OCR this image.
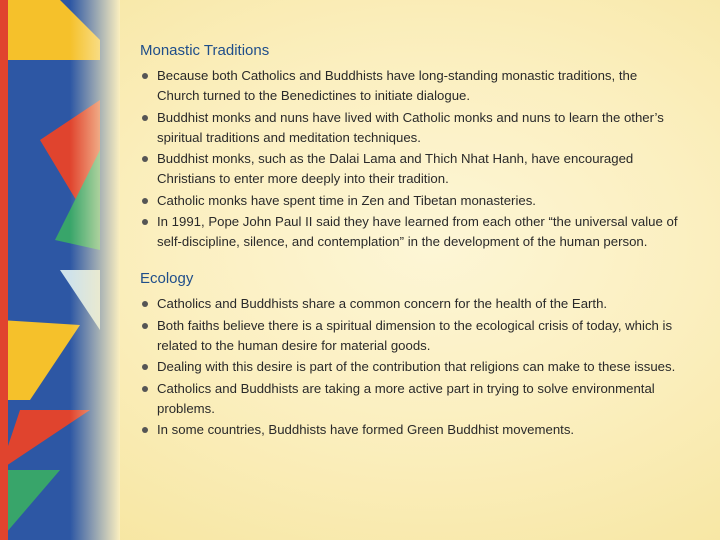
Monastic Traditions
Because both Catholics and Buddhists have long-standing monastic traditions, the Church turned to the Benedictines to initiate dialogue.
Buddhist monks and nuns have lived with Catholic monks and nuns to learn the other’s spiritual traditions and meditation techniques.
Buddhist monks, such as the Dalai Lama and Thich Nhat Hanh, have encouraged Christians to enter more deeply into their tradition.
Catholic monks have spent time in Zen and Tibetan monasteries.
In 1991, Pope John Paul II said they have learned from each other “the universal value of self-discipline, silence, and contemplation” in the development of the human person.
Ecology
Catholics and Buddhists share a common concern for the health of the Earth.
Both faiths believe there is a spiritual dimension to the ecological crisis of today, which is related to the human desire for material goods.
Dealing with this desire is part of the contribution that religions can make to these issues.
Catholics and Buddhists are taking a more active part in trying to solve environmental problems.
In some countries, Buddhists have formed Green Buddhist movements.
